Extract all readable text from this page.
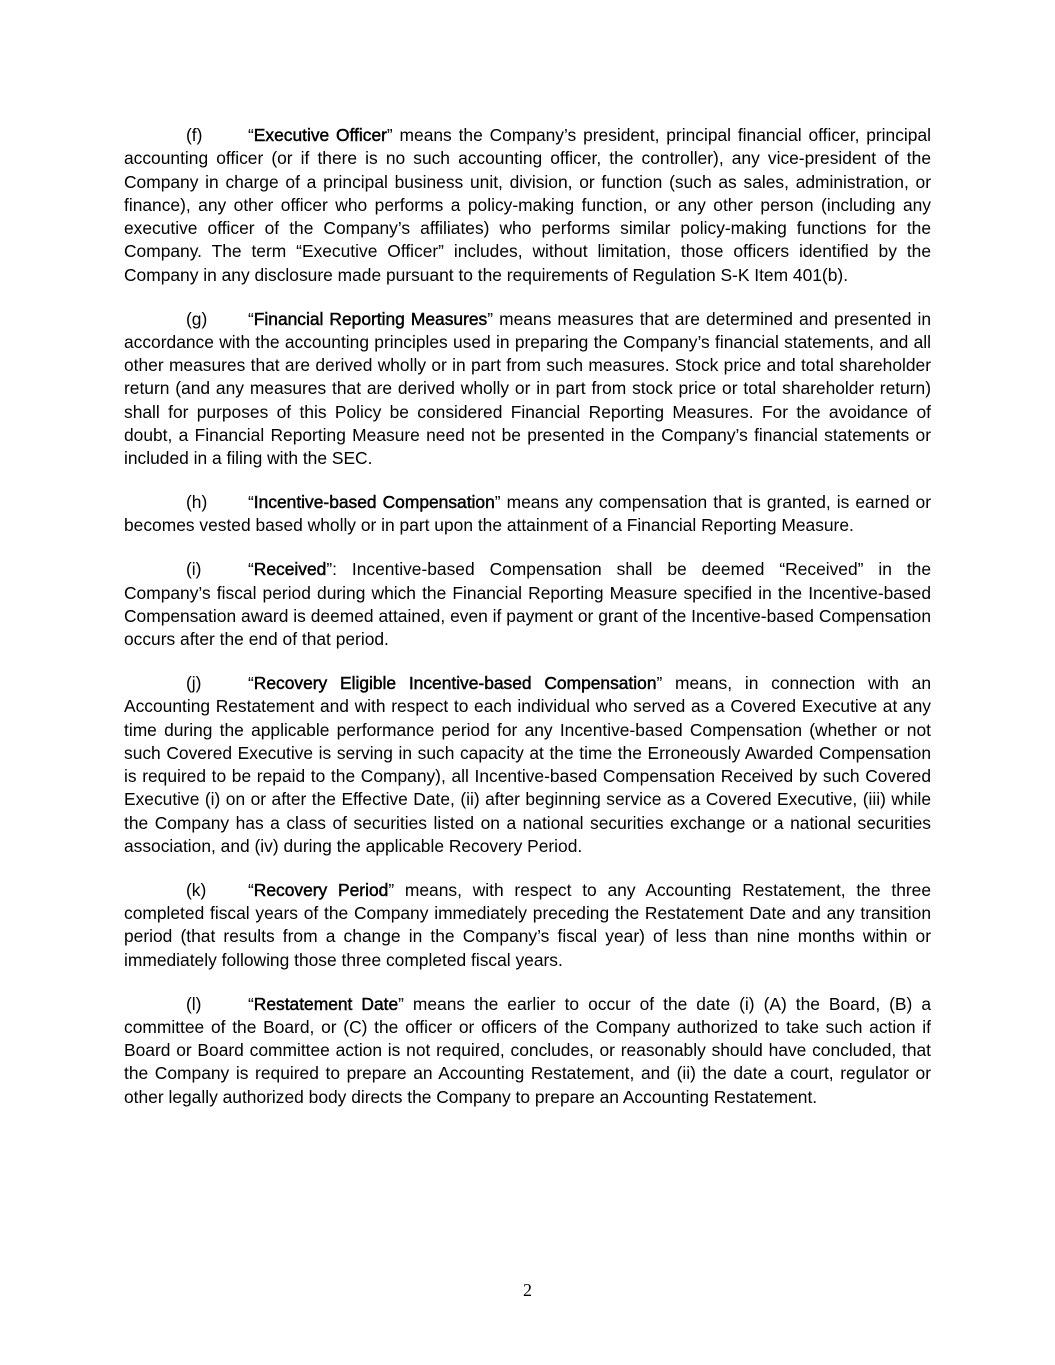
(f)	“Executive Officer” means the Company’s president, principal financial officer, principal accounting officer (or if there is no such accounting officer, the controller), any vice-president of the Company in charge of a principal business unit, division, or function (such as sales, administration, or finance), any other officer who performs a policy-making function, or any other person (including any executive officer of the Company’s affiliates) who performs similar policy-making functions for the Company. The term “Executive Officer” includes, without limitation, those officers identified by the Company in any disclosure made pursuant to the requirements of Regulation S-K Item 401(b).

(g) “Financial Reporting Measures” means measures that are determined and presented in accordance with the accounting principles used in preparing the Company’s financial statements, and all other measures that are derived wholly or in part from such measures. Stock price and total shareholder return (and any measures that are derived wholly or in part from stock price or total shareholder return) shall for purposes of this Policy be considered Financial Reporting Measures. For the avoidance of doubt, a Financial Reporting Measure need not be presented in the Company’s financial statements or included in a filing with the SEC.

(h) “Incentive-based Compensation” means any compensation that is granted, is earned or becomes vested based wholly or in part upon the attainment of a Financial Reporting Measure.

(i)	“Received”: Incentive-based Compensation shall be deemed “Received” in the Company’s fiscal period during which the Financial Reporting Measure specified in the Incentive-based Compensation award is deemed attained, even if payment or grant of the Incentive-based Compensation occurs after the end of that period.

(j)	“Recovery Eligible Incentive-based Compensation” means, in connection with an Accounting Restatement and with respect to each individual who served as a Covered Executive at any time during the applicable performance period for any Incentive-based Compensation (whether or not such Covered Executive is serving in such capacity at the time the Erroneously Awarded Compensation is required to be repaid to the Company), all Incentive-based Compensation Received by such Covered Executive (i) on or after the Effective Date, (ii) after beginning service as a Covered Executive, (iii) while the Company has a class of securities listed on a national securities exchange or a national securities association, and (iv) during the applicable Recovery Period.

(k) “Recovery Period” means, with respect to any Accounting Restatement, the three completed fiscal years of the Company immediately preceding the Restatement Date and any transition period (that results from a change in the Company’s fiscal year) of less than nine months within or immediately following those three completed fiscal years.

(l)	“Restatement Date” means the earlier to occur of the date (i) (A) the Board, (B) a committee of the Board, or (C) the officer or officers of the Company authorized to take such action if Board or Board committee action is not required, concludes, or reasonably should have concluded, that the Company is required to prepare an Accounting Restatement, and (ii) the date a court, regulator or other legally authorized body directs the Company to prepare an Accounting Restatement.

2
